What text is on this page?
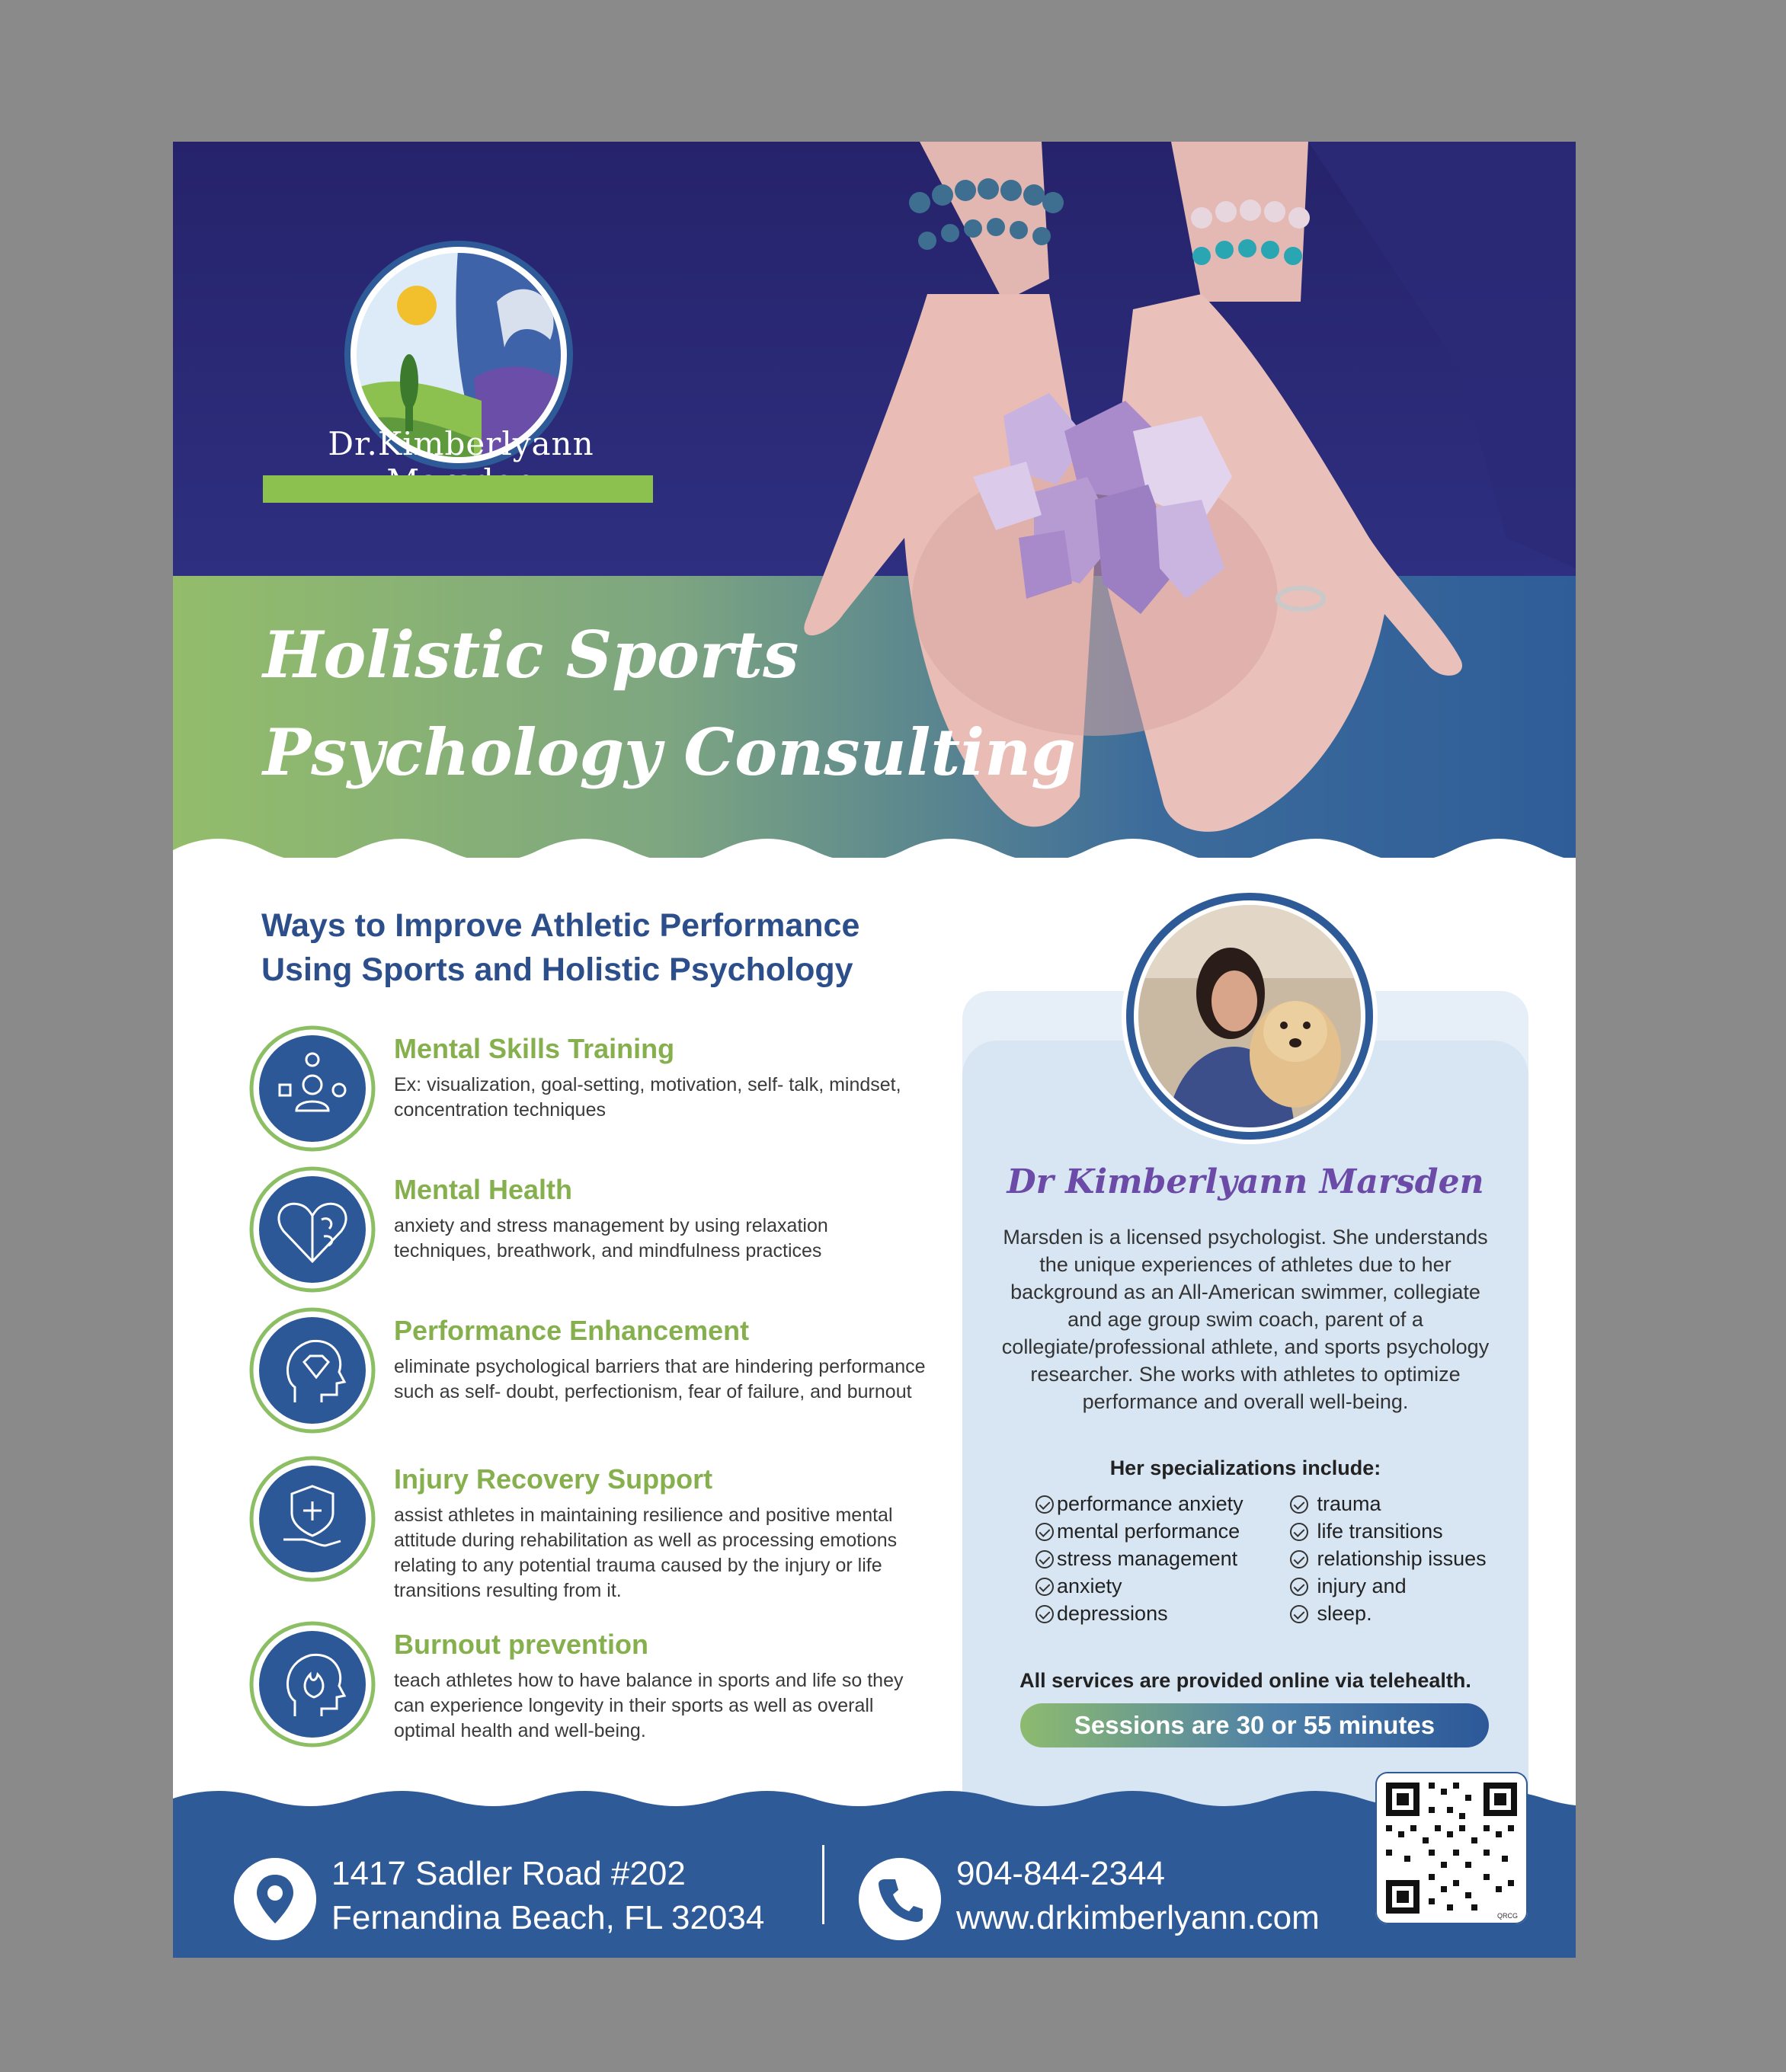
Dr.Kimberlyann
Holistic Sports
Psychology Consulting
Ways to Improve Athletic Performance
Using Sports and Holistic Psychology
Mental Skills Training
Ex: visualization, goal-setting, motivation, self- talk, mindset, concentration techniques
Mental Health
anxiety and stress management by using relaxation techniques, breathwork, and mindfulness practices
Performance Enhancement
eliminate psychological barriers that are hindering performance such as self- doubt, perfectionism, fear of failure, and burnout
Injury Recovery Support
assist athletes in maintaining resilience and positive mental attitude during rehabilitation as well as processing emotions relating to any potential trauma caused by the injury or life transitions resulting from it.
Burnout prevention
teach athletes how to have balance in sports and life so they can experience longevity in their sports as well as overall optimal health and well-being.
Dr Kimberlyann Marsden
Marsden is a licensed psychologist. She understands the unique experiences of athletes due to her background as an All-American swimmer, collegiate and age group swim coach, parent of a collegiate/professional athlete, and sports psychology researcher. She works with athletes to optimize performance and overall well-being.
Her specializations include:
performance anxiety
mental performance
stress management
anxiety
depressions
trauma
life transitions
relationship issues
injury and
sleep.
All services are provided online via telehealth.
Sessions are 30 or 55 minutes
1417 Sadler Road #202
Fernandina Beach, FL 32034
904-844-2344
www.drkimberlyann.com	QRCG
